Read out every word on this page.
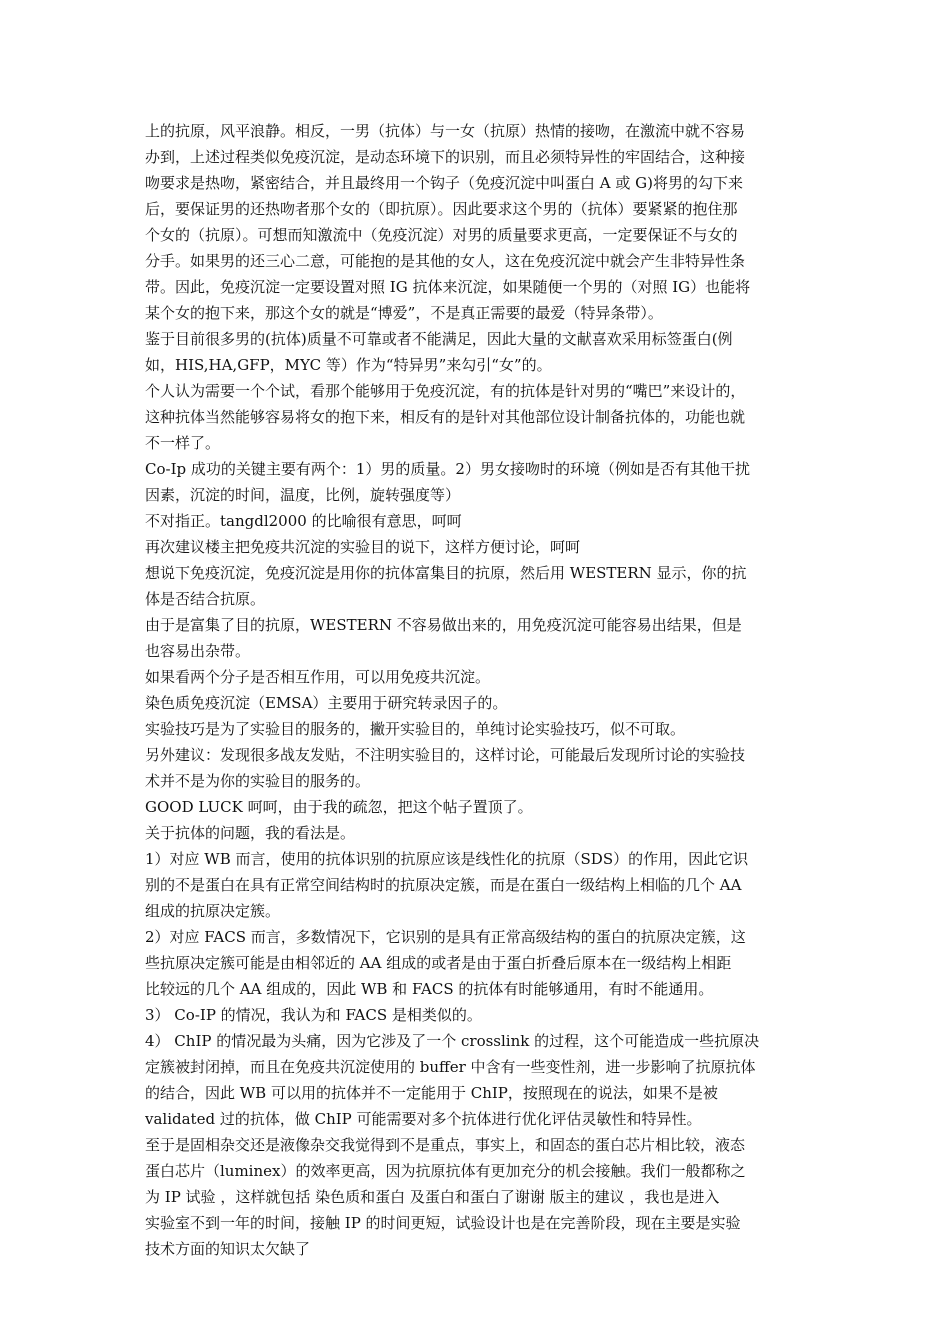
上的抗原，风平浪静。相反，一男（抗体）与一女（抗原）热情的接吻，在激流中就不容易
办到，上述过程类似免疫沉淀，是动态环境下的识别，而且必须特异性的牢固结合，这种接
吻要求是热吻，紧密结合，并且最终用一个钩子（免疫沉淀中叫蛋白 A 或 G)将男的勾下来
后，要保证男的还热吻者那个女的（即抗原）。因此要求这个男的（抗体）要紧紧的抱住那
个女的（抗原）。可想而知激流中（免疫沉淀）对男的质量要求更高，一定要保证不与女的
分手。如果男的还三心二意，可能抱的是其他的女人，这在免疫沉淀中就会产生非特异性条
带。因此，免疫沉淀一定要设置对照 IG 抗体来沉淀，如果随便一个男的（对照 IG）也能将
某个女的抱下来，那这个女的就是“博爱”，不是真正需要的最爱（特异条带）。

鉴于目前很多男的(抗体)质量不可靠或者不能满足，因此大量的文献喜欢采用标签蛋白(例
如，HIS,HA,GFP，MYC 等）作为“特异男”来勾引“女”的。

个人认为需要一个个试，看那个能够用于免疫沉淀，有的抗体是针对男的“嘴巴”来设计的，
这种抗体当然能够容易将女的抱下来，相反有的是针对其他部位设计制备抗体的，功能也就
不一样了。

Co-Ip 成功的关键主要有两个：1）男的质量。2）男女接吻时的环境（例如是否有其他干扰
因素，沉淀的时间，温度，比例，旋转强度等）

不对指正。tangdl2000 的比喻很有意思，呵呵

再次建议楼主把免疫共沉淀的实验目的说下，这样方便讨论，呵呵

想说下免疫沉淀，免疫沉淀是用你的抗体富集目的抗原，然后用 WESTERN 显示，你的抗
体是否结合抗原。

由于是富集了目的抗原，WESTERN 不容易做出来的，用免疫沉淀可能容易出结果，但是
也容易出杂带。

如果看两个分子是否相互作用，可以用免疫共沉淀。

染色质免疫沉淀（EMSA）主要用于研究转录因子的。

实验技巧是为了实验目的服务的，撇开实验目的，单纯讨论实验技巧，似不可取。

另外建议：发现很多战友发贴，不注明实验目的，这样讨论，可能最后发现所讨论的实验技
术并不是为你的实验目的服务的。

GOOD LUCK 呵呵，由于我的疏忽，把这个帖子置顶了。

关于抗体的问题，我的看法是。

1）对应 WB 而言，使用的抗体识别的抗原应该是线性化的抗原（SDS）的作用，因此它识
别的不是蛋白在具有正常空间结构时的抗原决定簇，而是在蛋白一级结构上相临的几个 AA
组成的抗原决定簇。

2）对应 FACS 而言，多数情况下，它识别的是具有正常高级结构的蛋白的抗原决定簇，这
些抗原决定簇可能是由相邻近的 AA 组成的或者是由于蛋白折叠后原本在一级结构上相距
比较远的几个 AA 组成的，因此 WB 和 FACS 的抗体有时能够通用，有时不能通用。

3） Co-IP 的情况，我认为和 FACS 是相类似的。

4） ChIP 的情况最为头痛，因为它涉及了一个 crosslink 的过程，这个可能造成一些抗原决
定簇被封闭掉，而且在免疫共沉淀使用的 buffer 中含有一些变性剂，进一步影响了抗原抗体
的结合，因此 WB 可以用的抗体并不一定能用于 ChIP，按照现在的说法，如果不是被
validated 过的抗体，做 ChIP 可能需要对多个抗体进行优化评估灵敏性和特异性。

至于是固相杂交还是液像杂交我觉得到不是重点，事实上，和固态的蛋白芯片相比较，液态
蛋白芯片（luminex）的效率更高，因为抗原抗体有更加充分的机会接触。我们一般都称之
为 IP 试验 ，这样就包括 染色质和蛋白 及蛋白和蛋白了谢谢 版主的建议 ，我也是进入
实验室不到一年的时间，接触 IP 的时间更短，试验设计也是在完善阶段，现在主要是实验
技术方面的知识太欠缺了
